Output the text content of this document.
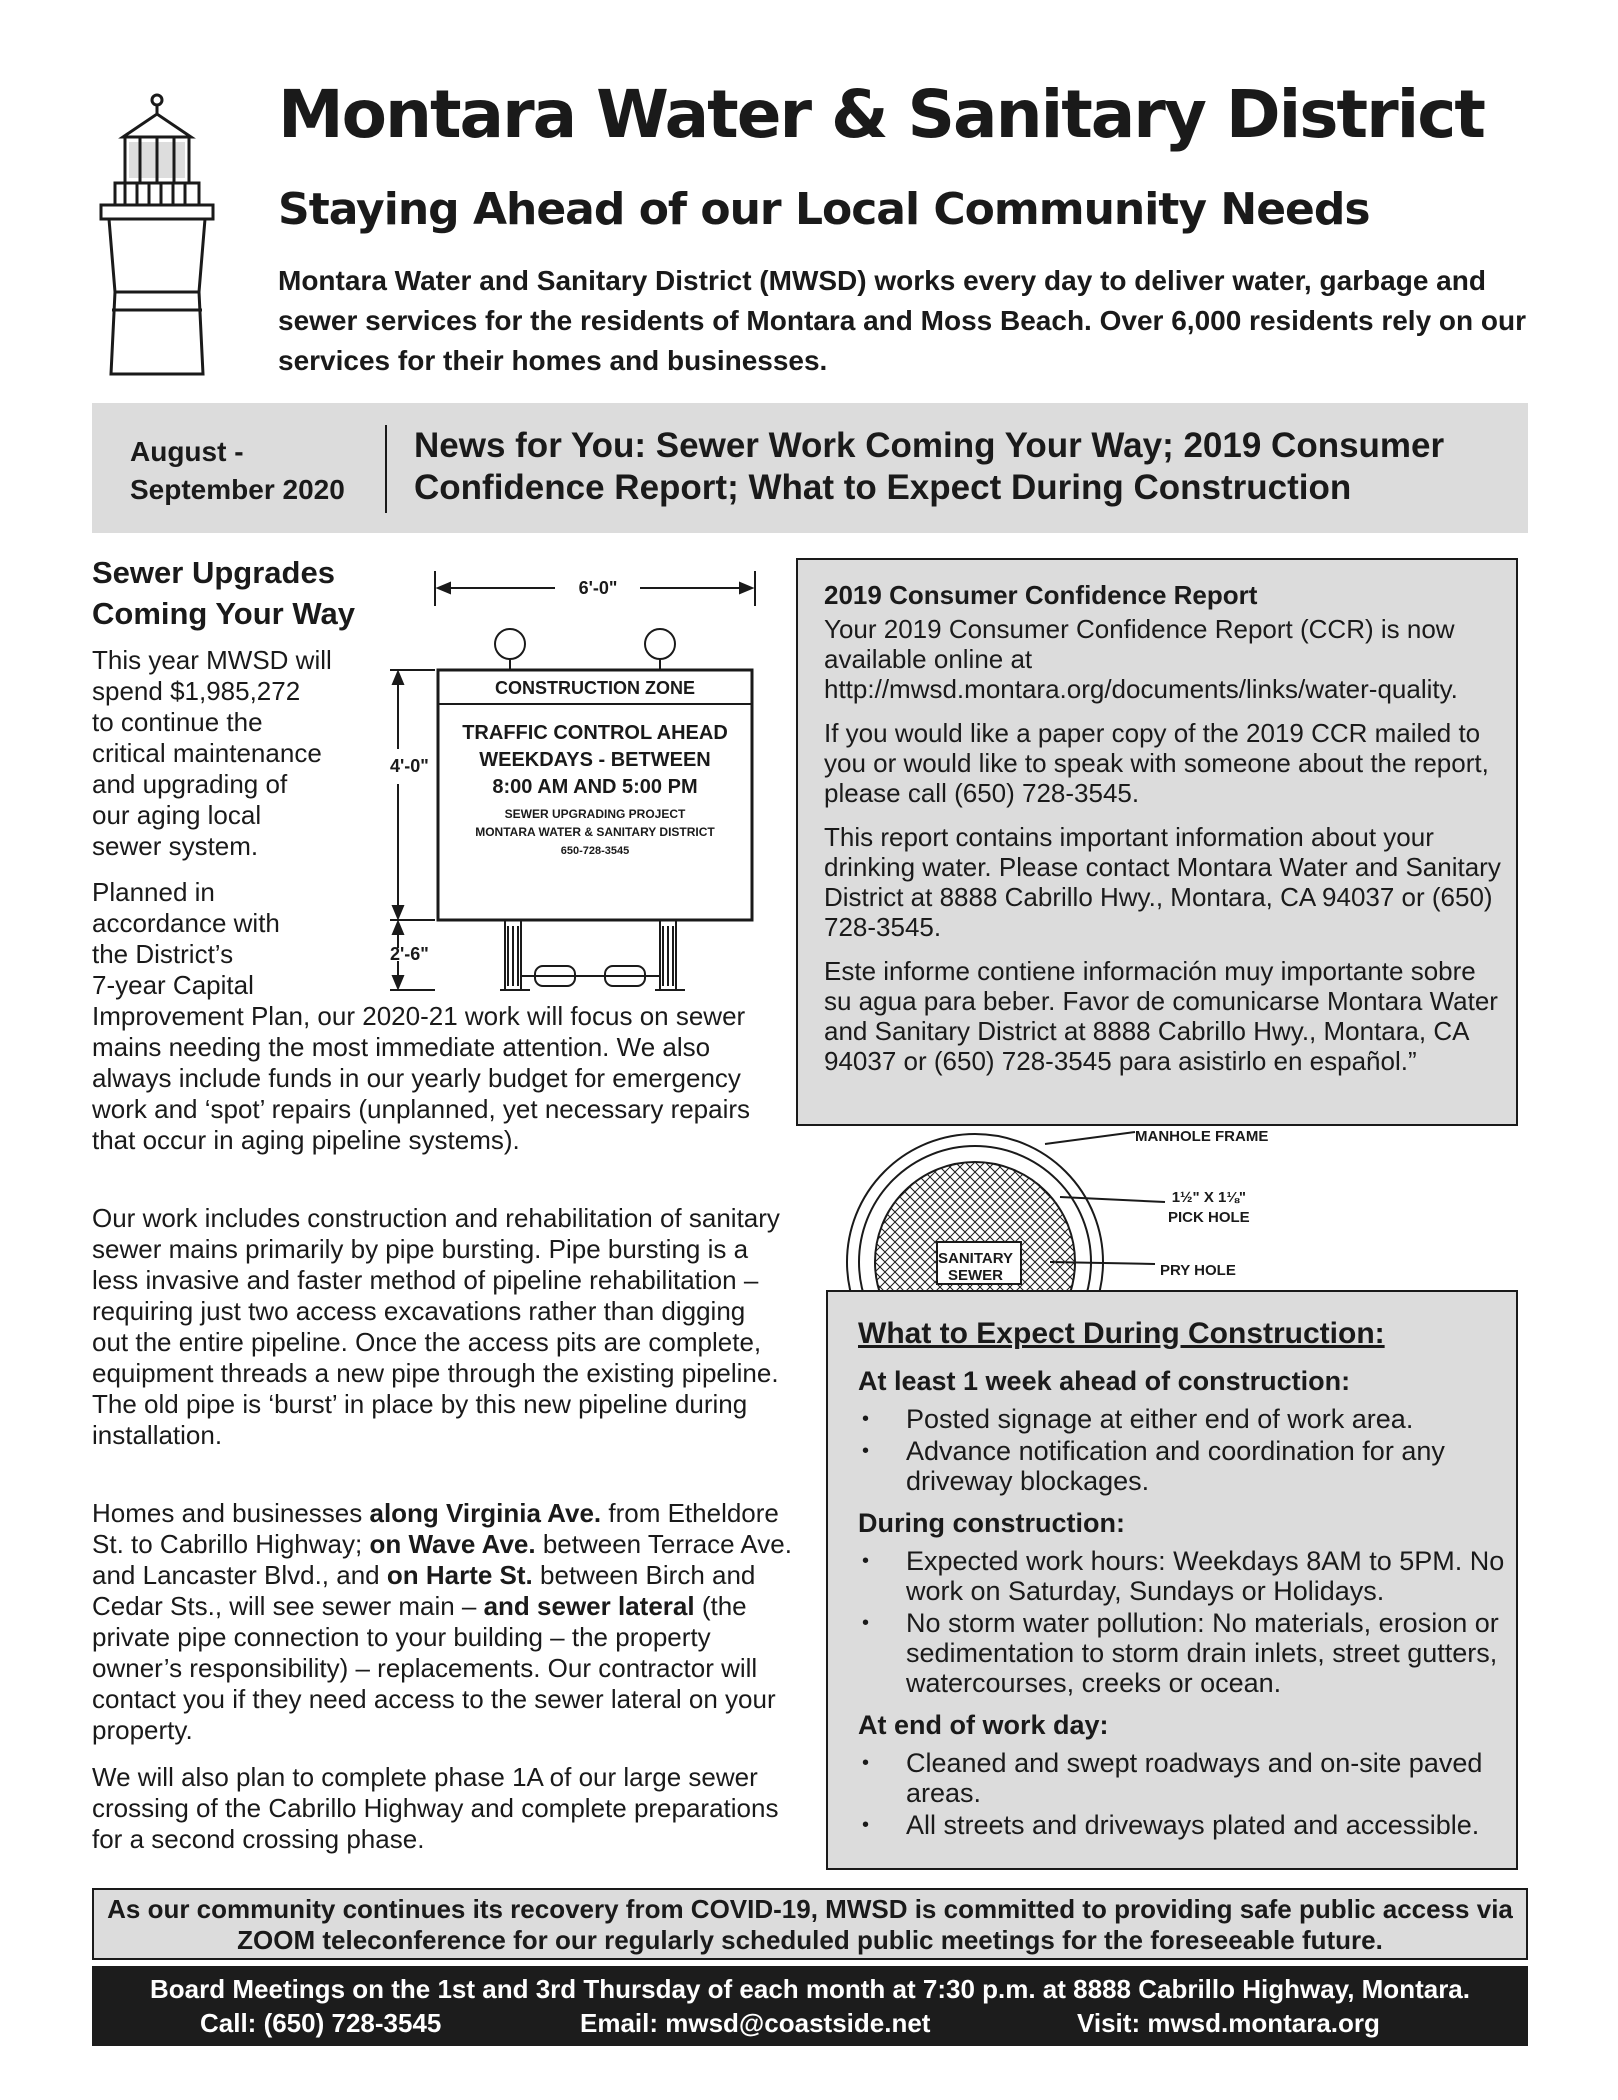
Montara Water & Sanitary District
Staying Ahead of our Local Community Needs
Montara Water and Sanitary District (MWSD) works every day to deliver water, garbage and sewer services for the residents of Montara and Moss Beach. Over 6,000 residents rely on our services for their homes and businesses.
August -
September 2020
News for You: Sewer Work Coming Your Way; 2019 Consumer Confidence Report; What to Expect During Construction
Sewer Upgrades
Coming Your Way
This year MWSD will
spend $1,985,272
to continue the
critical maintenance
and upgrading of
our aging local
sewer system.
Planned in
accordance with
the District’s
7-year Capital
Improvement Plan, our 2020-21 work will focus on sewer mains needing the most immediate attention. We also always include funds in our yearly budget for emergency work and ‘spot’ repairs (unplanned, yet necessary repairs that occur in aging pipeline systems).
Our work includes construction and rehabilitation of sanitary sewer mains primarily by pipe bursting. Pipe bursting is a less invasive and faster method of pipeline rehabilitation – requiring just two access excavations rather than digging out the entire pipeline. Once the access pits are complete, equipment threads a new pipe through the existing pipeline. The old pipe is ‘burst’ in place by this new pipeline during installation.
Homes and businesses along Virginia Ave. from Etheldore St. to Cabrillo Highway; on Wave Ave. between Terrace Ave. and Lancaster Blvd., and on Harte St. between Birch and Cedar Sts., will see sewer main – and sewer lateral (the private pipe connection to your building – the property owner’s responsibility) – replacements. Our contractor will contact you if they need access to the sewer lateral on your property.
We will also plan to complete phase 1A of our large sewer crossing of the Cabrillo Highway and complete preparations for a second crossing phase.
6'-0"
4'-0"
2'-6"
CONSTRUCTION ZONE
TRAFFIC CONTROL AHEAD
WEEKDAYS - BETWEEN
8:00 AM AND 5:00 PM
SEWER UPGRADING PROJECT
MONTARA WATER & SANITARY DISTRICT
650-728-3545

2019 Consumer Confidence Report

Your 2019 Consumer Confidence Report (CCR) is now available online at http://mwsd.montara.org/documents/links/water-quality.

If you would like a paper copy of the 2019 CCR mailed to you or would like to speak with someone about the report, please call (650) 728-3545.

This report contains important information about your drinking water. Please contact Montara Water and Sanitary District at 8888 Cabrillo Hwy., Montara, CA 94037 or (650) 728-3545.

Este informe contiene información muy importante sobre su agua para beber. Favor de comunicarse Montara Water and Sanitary District at 8888 Cabrillo Hwy., Montara, CA 94037 or (650) 728-3545 para asistirlo en español.”

SANITARY
SEWER
MANHOLE FRAME
1½" X 1⅛"
PICK HOLE
PRY HOLE
What to Expect During Construction:
At least 1 week ahead of construction:
• Posted signage at either end of work area.
• Advance notification and coordination for any driveway blockages.
During construction:
• Expected work hours: Weekdays 8AM to 5PM. No work on Saturday, Sundays or Holidays.
• No storm water pollution: No materials, erosion or sedimentation to storm drain inlets, street gutters, watercourses, creeks or ocean.
At end of work day:
• Cleaned and swept roadways and on-site paved areas.
• All streets and driveways plated and accessible.
As our community continues its recovery from COVID-19, MWSD is committed to providing safe public access via ZOOM teleconference for our regularly scheduled public meetings for the foreseeable future.
Board Meetings on the 1st and 3rd Thursday of each month at 7:30 p.m. at 8888 Cabrillo Highway, Montara.
Call: (650) 728-3545	Email: mwsd@coastside.net	Visit: mwsd.montara.org
